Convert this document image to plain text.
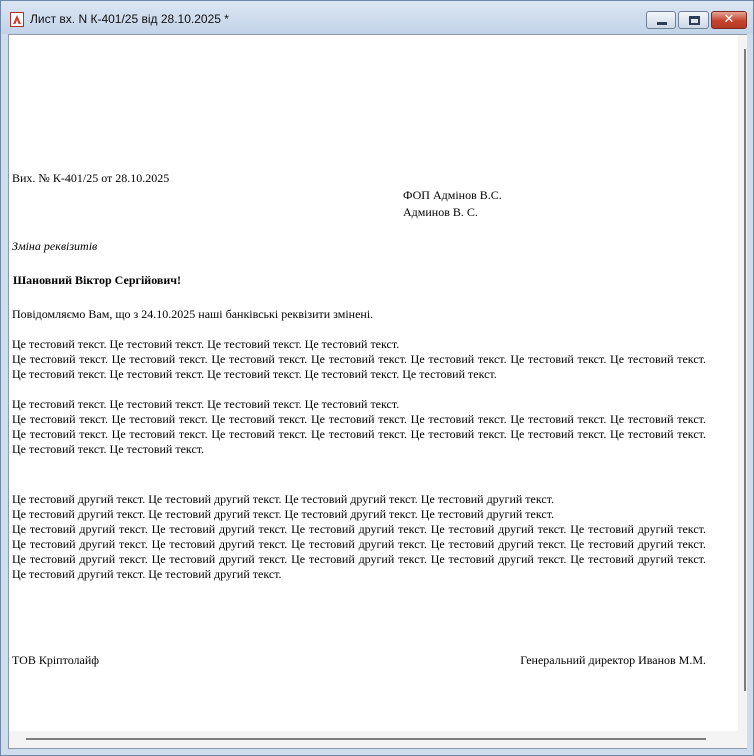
Лист вх. N К-401/25 від 28.10.2025 *	✕
Вих. № К-401/25 от 28.10.2025
ФОП Адмінов В.С.
Админов В. С.
Зміна реквізитів
Шановний Віктор Сергійович!
Повідомляємо Вам, що з 24.10.2025 наші банківські реквізити змінені.
Це тестовий текст. Це тестовий текст. Це тестовий текст. Це тестовий текст.
Це тестовий текст. Це тестовий текст. Це тестовий текст. Це тестовий текст. Це тестовий текст. Це тестовий текст. Це тестовий текст. Це тестовий текст. Це тестовий текст. Це тестовий текст. Це тестовий текст. Це тестовий текст.
Це тестовий текст. Це тестовий текст. Це тестовий текст. Це тестовий текст.
Це тестовий текст. Це тестовий текст. Це тестовий текст. Це тестовий текст. Це тестовий текст. Це тестовий текст. Це тестовий текст. Це тестовий текст. Це тестовий текст. Це тестовий текст. Це тестовий текст. Це тестовий текст. Це тестовий текст. Це тестовий текст. Це тестовий текст. Це тестовий текст.
Це тестовий другий текст. Це тестовий другий текст. Це тестовий другий текст. Це тестовий другий текст.
Це тестовий другий текст. Це тестовий другий текст. Це тестовий другий текст. Це тестовий другий текст.
Це тестовий другий текст. Це тестовий другий текст. Це тестовий другий текст. Це тестовий другий текст. Це тестовий другий текст. Це тестовий другий текст. Це тестовий другий текст. Це тестовий другий текст. Це тестовий другий текст. Це тестовий другий текст. Це тестовий другий текст. Це тестовий другий текст. Це тестовий другий текст. Це тестовий другий текст. Це тестовий другий текст. Це тестовий другий текст. Це тестовий другий текст.
ТОВ Кріптолайф	Генеральний директор Иванов М.М.
